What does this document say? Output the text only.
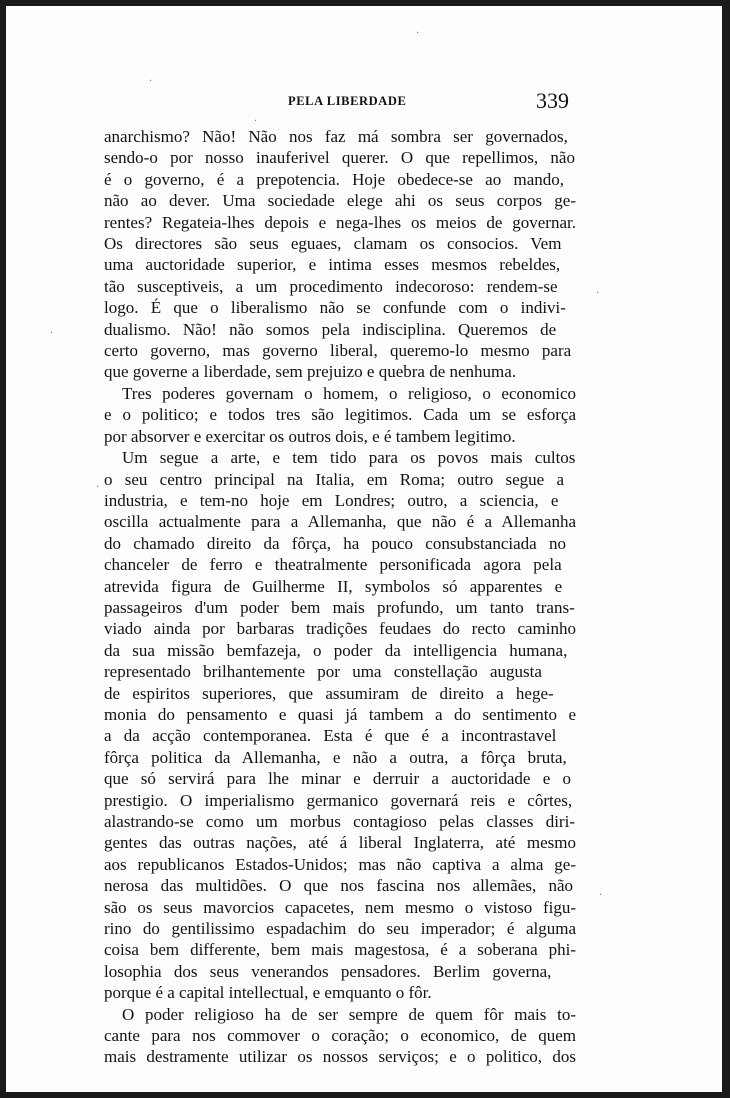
·
·
·
·
·
·
·
PELA LIBERDADE	339
anarchismo? Não! Não nos faz má sombra ser governados,
sendo-o por nosso inauferivel querer. O que repellimos, não
é o governo, é a prepotencia. Hoje obedece-se ao mando,
não ao dever. Uma sociedade elege ahi os seus corpos ge-
rentes? Regateia-lhes depois e nega-lhes os meios de governar.
Os directores são seus eguaes, clamam os consocios. Vem
uma auctoridade superior, e intima esses mesmos rebeldes,
tão susceptiveis, a um procedimento indecoroso: rendem-se
logo. É que o liberalismo não se confunde com o indivi-
dualismo. Não! não somos pela indisciplina. Queremos de
certo governo, mas governo liberal, queremo-lo mesmo para
que governe a liberdade, sem prejuizo e quebra de nenhuma.
Tres poderes governam o homem, o religioso, o economico
e o politico; e todos tres são legitimos. Cada um se esforça
por absorver e exercitar os outros dois, e é tambem legitimo.
Um segue a arte, e tem tido para os povos mais cultos
o seu centro principal na Italia, em Roma; outro segue a
industria, e tem-no hoje em Londres; outro, a sciencia, e
oscilla actualmente para a Allemanha, que não é a Allemanha
do chamado direito da fôrça, ha pouco consubstanciada no
chanceler de ferro e theatralmente personificada agora pela
atrevida figura de Guilherme II, symbolos só apparentes e
passageiros d'um poder bem mais profundo, um tanto trans-
viado ainda por barbaras tradições feudaes do recto caminho
da sua missão bemfazeja, o poder da intelligencia humana,
representado brilhantemente por uma constellação augusta
de espiritos superiores, que assumiram de direito a hege-
monia do pensamento e quasi já tambem a do sentimento e
a da acção contemporanea. Esta é que é a incontrastavel
fôrça politica da Allemanha, e não a outra, a fôrça bruta,
que só servirá para lhe minar e derruir a auctoridade e o
prestigio. O imperialismo germanico governará reis e côrtes,
alastrando-se como um morbus contagioso pelas classes diri-
gentes das outras nações, até á liberal Inglaterra, até mesmo
aos republicanos Estados-Unidos; mas não captiva a alma ge-
nerosa das multidões. O que nos fascina nos allemães, não
são os seus mavorcios capacetes, nem mesmo o vistoso figu-
rino do gentilissimo espadachim do seu imperador; é alguma
coisa bem differente, bem mais magestosa, é a soberana phi-
losophia dos seus venerandos pensadores. Berlim governa,
porque é a capital intellectual, e emquanto o fôr.
O poder religioso ha de ser sempre de quem fôr mais to-
cante para nos commover o coração; o economico, de quem
mais destramente utilizar os nossos serviços; e o politico, dos
